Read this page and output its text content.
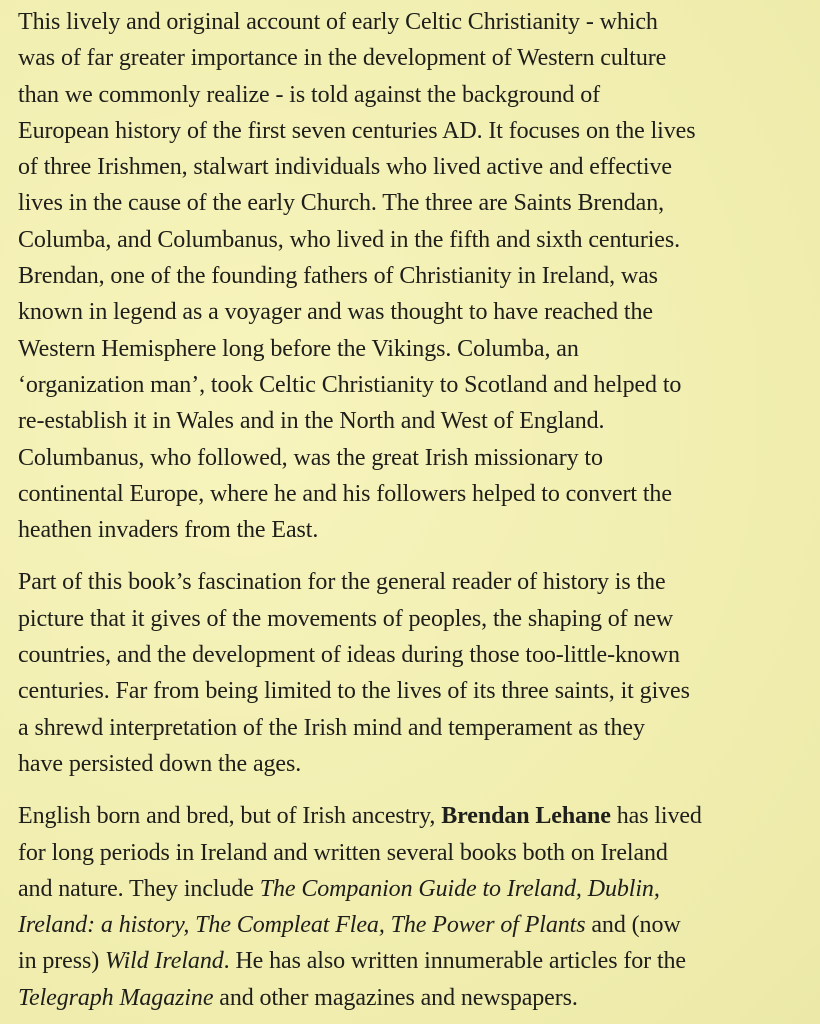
This lively and original account of early Celtic Christianity - which
was of far greater importance in the development of Western culture
than we commonly realize - is told against the background of
European history of the first seven centuries AD. It focuses on the lives
of three Irishmen, stalwart individuals who lived active and effective
lives in the cause of the early Church. The three are Saints Brendan,
Columba, and Columbanus, who lived in the fifth and sixth centuries.
Brendan, one of the founding fathers of Christianity in Ireland, was
known in legend as a voyager and was thought to have reached the
Western Hemisphere long before the Vikings. Columba, an
‘organization man’, took Celtic Christianity to Scotland and helped to
re-establish it in Wales and in the North and West of England.
Columbanus, who followed, was the great Irish missionary to
continental Europe, where he and his followers helped to convert the
heathen invaders from the East.

Part of this book’s fascination for the general reader of history is the
picture that it gives of the movements of peoples, the shaping of new
countries, and the development of ideas during those too-little-known
centuries. Far from being limited to the lives of its three saints, it gives
a shrewd interpretation of the Irish mind and temperament as they
have persisted down the ages.

English born and bred, but of Irish ancestry, Brendan Lehane has lived
for long periods in Ireland and written several books both on Ireland
and nature. They include The Companion Guide to Ireland, Dublin,
Ireland: a history, The Compleat Flea, The Power of Plants and (now
in press) Wild Ireland. He has also written innumerable articles for the
Telegraph Magazine and other magazines and newspapers.
